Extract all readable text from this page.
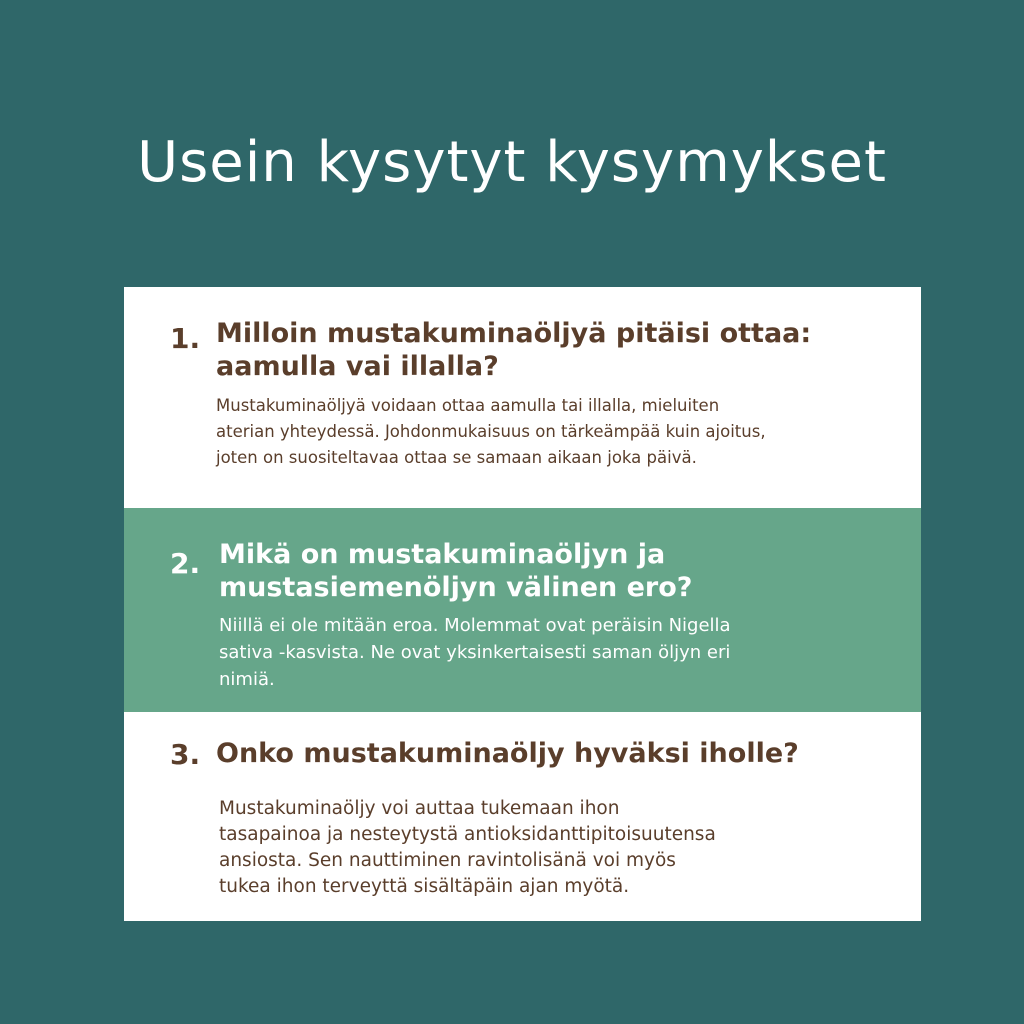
Usein kysytyt kysymykset
1. Milloin mustakuminaöljyä pitäisi ottaa:
aamulla vai illalla?

Mustakuminaöljyä voidaan ottaa aamulla tai illalla, mieluiten
aterian yhteydessä. Johdonmukaisuus on tärkeämpää kuin ajoitus,
joten on suositeltavaa ottaa se samaan aikaan joka päivä.

2. Mikä on mustakuminaöljyn ja
mustasiemenöljyn välinen ero?

Niillä ei ole mitään eroa. Molemmat ovat peräisin Nigella
sativa -kasvista. Ne ovat yksinkertaisesti saman öljyn eri
nimiä.

3. Onko mustakuminaöljy hyväksi iholle?

Mustakuminaöljy voi auttaa tukemaan ihon
tasapainoa ja nesteytystä antioksidanttipitoisuutensa
ansiosta. Sen nauttiminen ravintolisänä voi myös
tukea ihon terveyttä sisältäpäin ajan myötä.
